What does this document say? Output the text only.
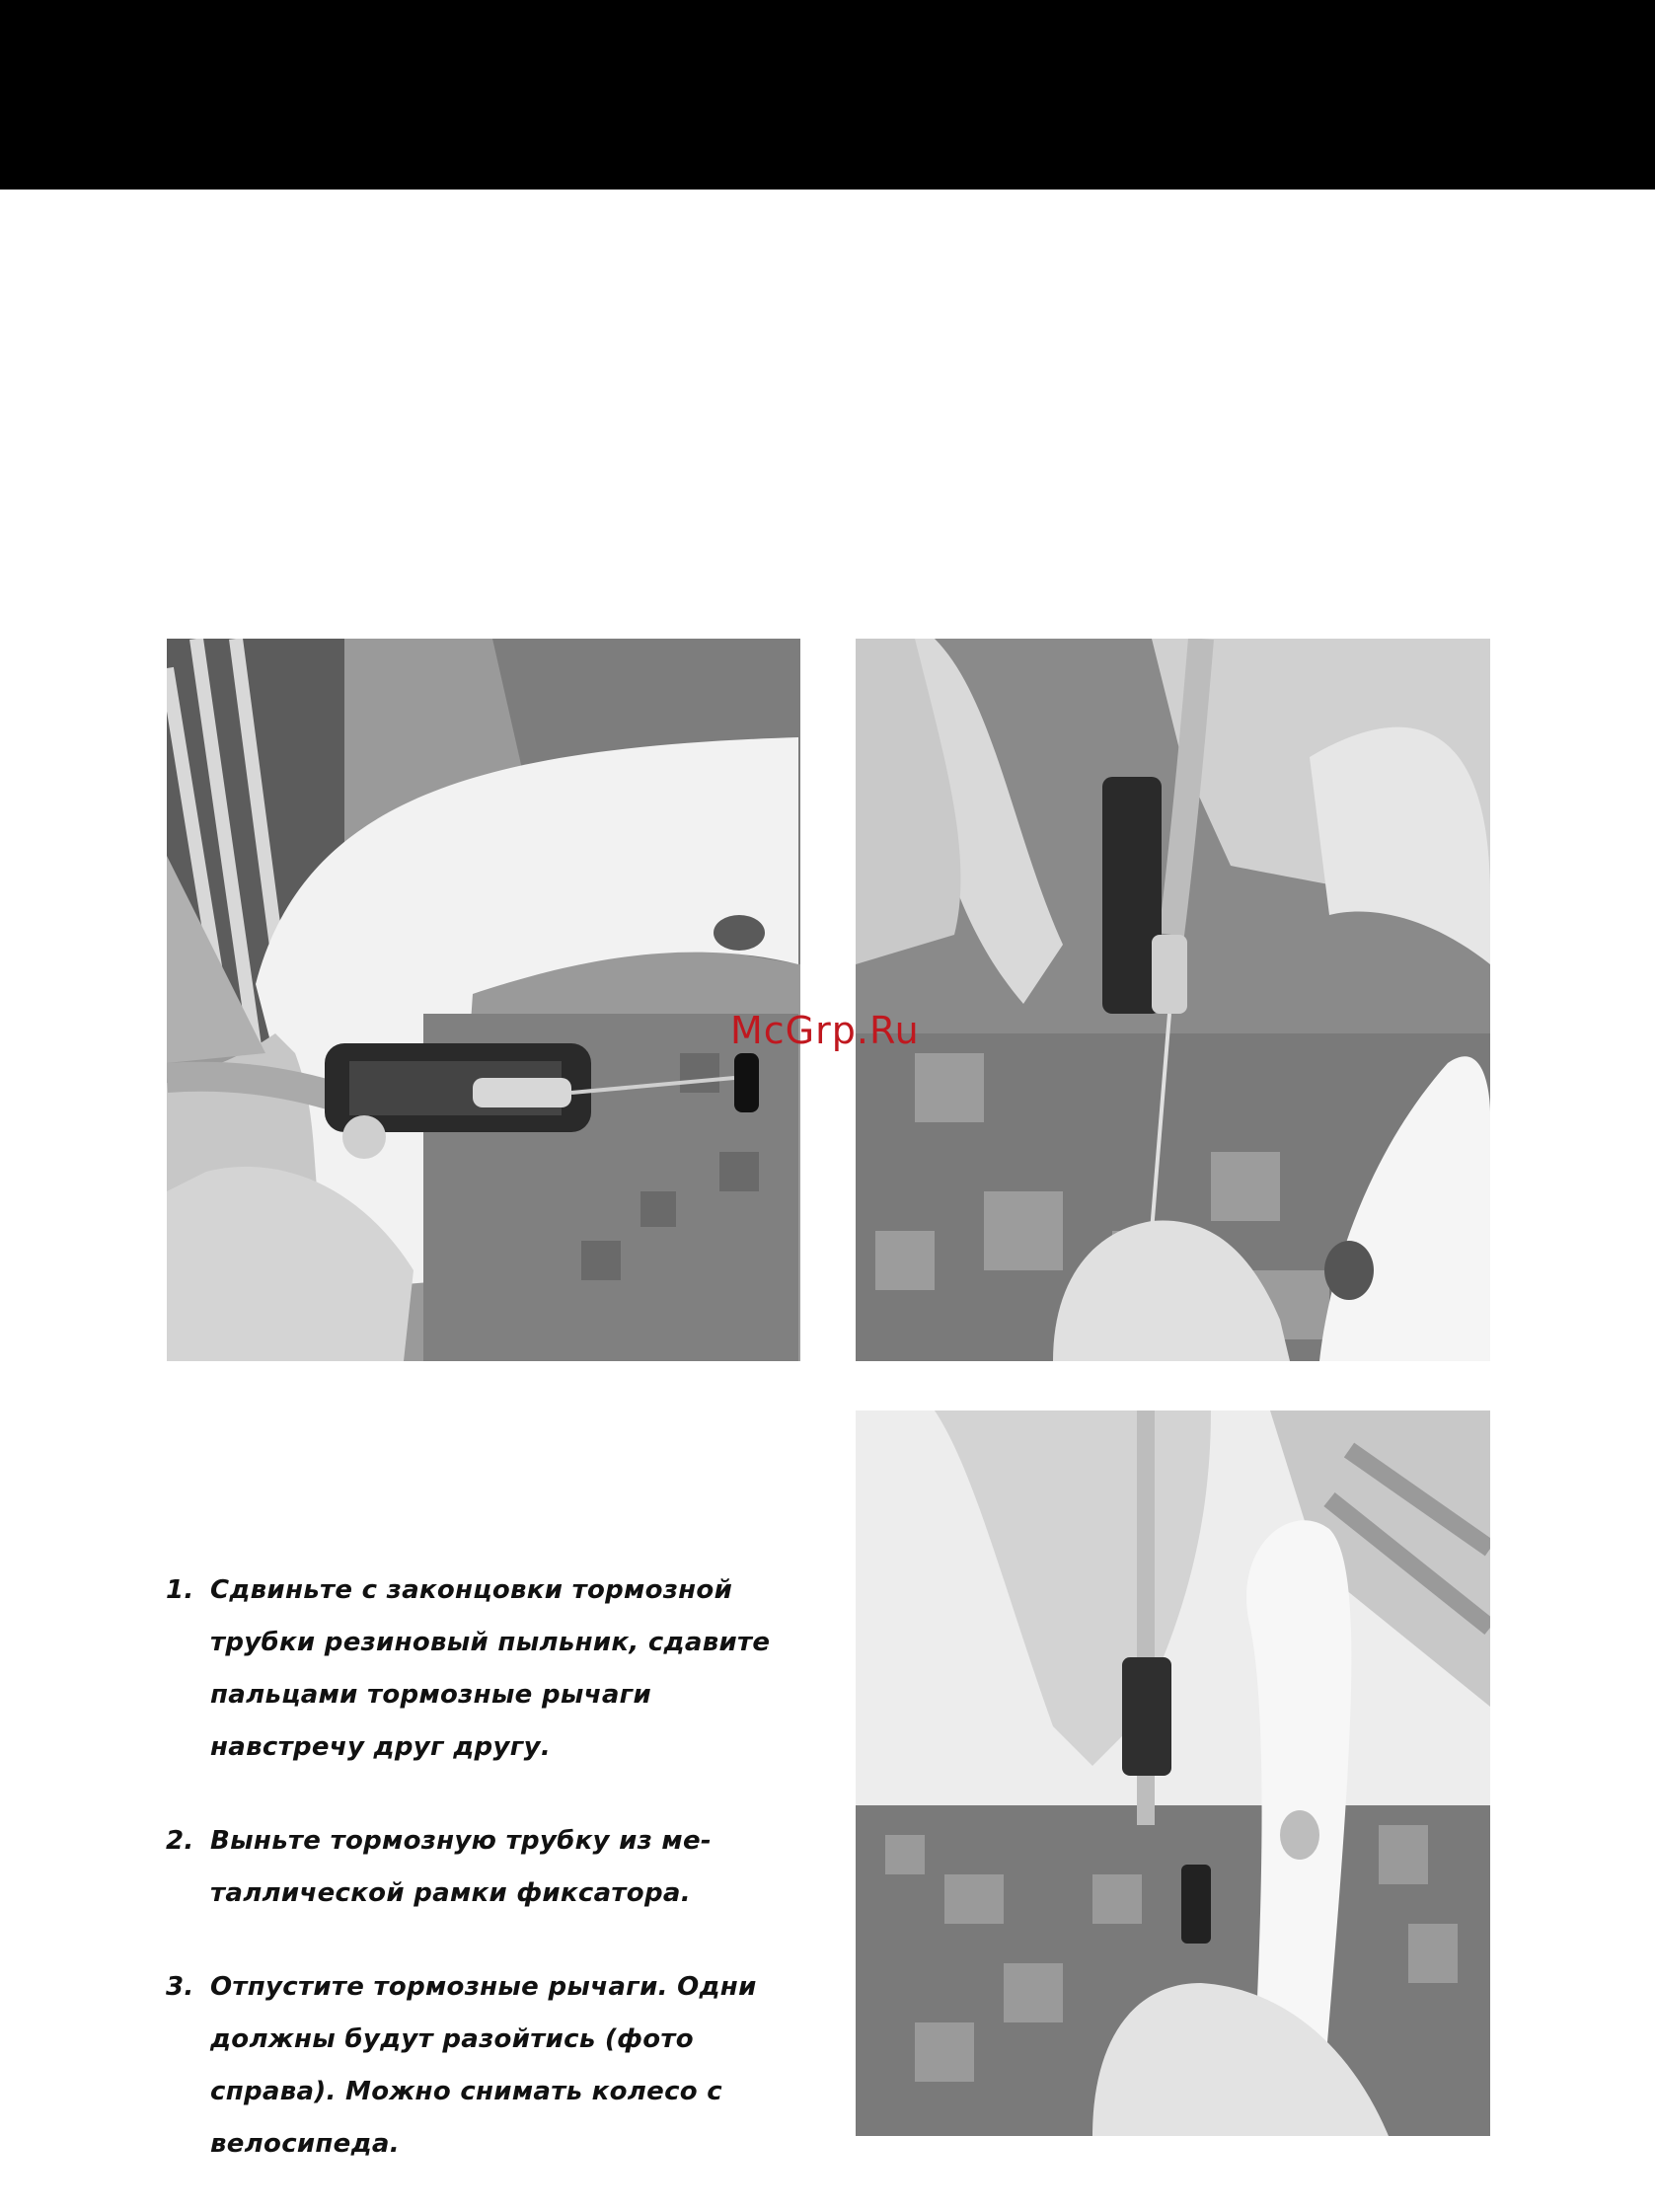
McGrp.Ru
1. Сдвиньте с законцовки тормозной трубки резиновый пыльник, сдавите пальцами тормозные рычаги навстречу друг другу.
2. Выньте тормозную трубку из ме-таллической рамки фиксатора.
3. Отпустите тормозные рычаги. Одни должны будут разойтись (фото справа). Можно снимать колесо с велосипеда.
